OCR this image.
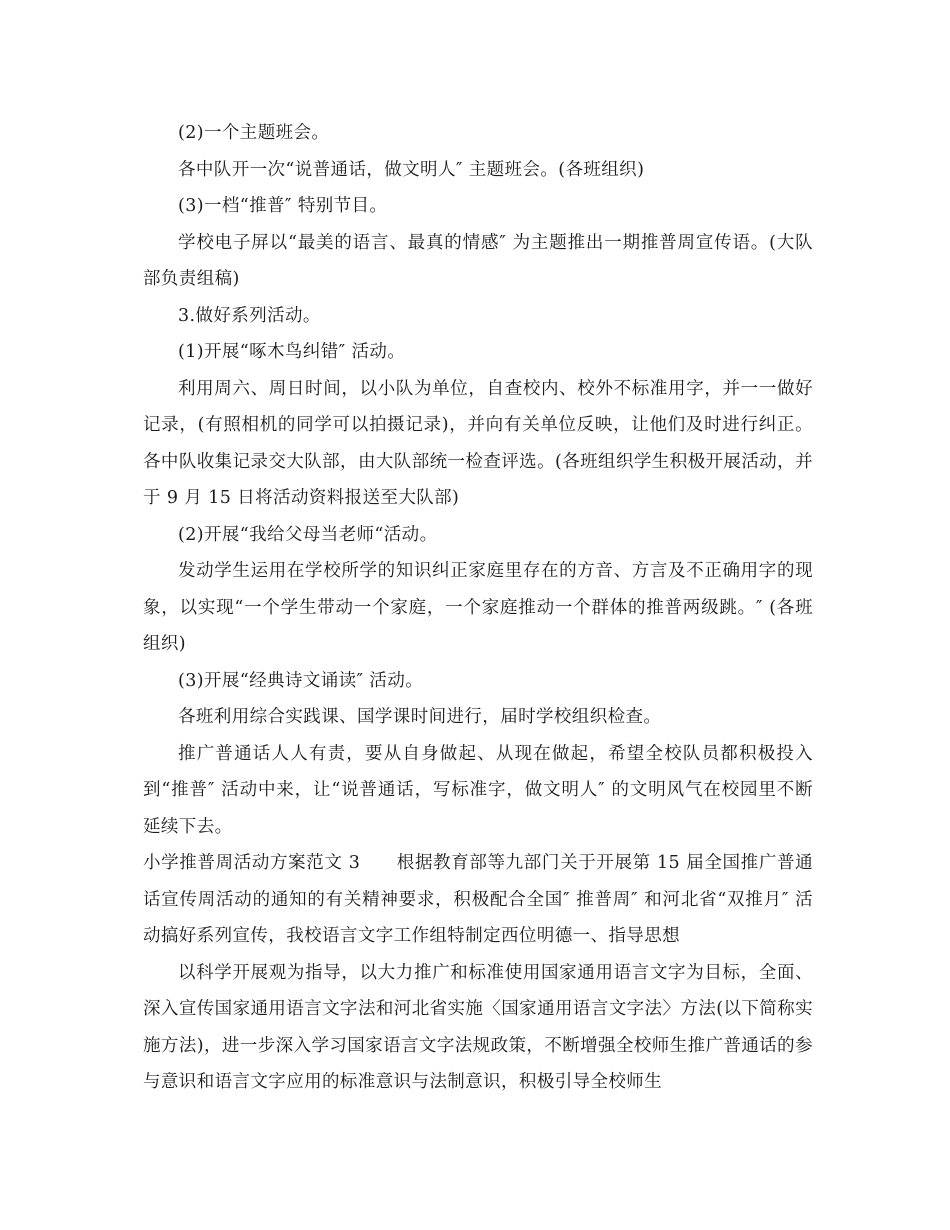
(2)一个主题班会。

各中队开一次“说普通话，做文明人″ 主题班会。(各班组织)

(3)一档“推普″ 特别节目。

学校电子屏以“最美的语言、最真的情感″ 为主题推出一期推普周宣传语。(大队部负责组稿)

3.做好系列活动。

(1)开展“啄木鸟纠错″ 活动。

利用周六、周日时间，以小队为单位，自查校内、校外不标准用字，并一一做好记录，(有照相机的同学可以拍摄记录)，并向有关单位反映，让他们及时进行纠正。各中队收集记录交大队部，由大队部统一检查评选。(各班组织学生积极开展活动，并于 9 月 15 日将活动资料报送至大队部)

(2)开展“我给父母当老师“活动。

发动学生运用在学校所学的知识纠正家庭里存在的方音、方言及不正确用字的现象，以实现“一个学生带动一个家庭，一个家庭推动一个群体的推普两级跳。″ (各班组织)

(3)开展“经典诗文诵读″ 活动。

各班利用综合实践课、国学课时间进行，届时学校组织检查。

推广普通话人人有责，要从自身做起、从现在做起，希望全校队员都积极投入到“推普″ 活动中来，让“说普通话，写标准字，做文明人″ 的文明风气在校园里不断延续下去。

小学推普周活动方案范文 3　　根据教育部等九部门关于开展第 15 届全国推广普通话宣传周活动的通知的有关精神要求，积极配合全国″ 推普周″ 和河北省“双推月″ 活动搞好系列宣传，我校语言文字工作组特制定西位明德一、指导思想

以科学开展观为指导，以大力推广和标准使用国家通用语言文字为目标，全面、深入宣传国家通用语言文字法和河北省实施〈国家通用语言文字法〉方法(以下简称实施方法)，进一步深入学习国家语言文字法规政策，不断增强全校师生推广普通话的参与意识和语言文字应用的标准意识与法制意识，积极引导全校师生
